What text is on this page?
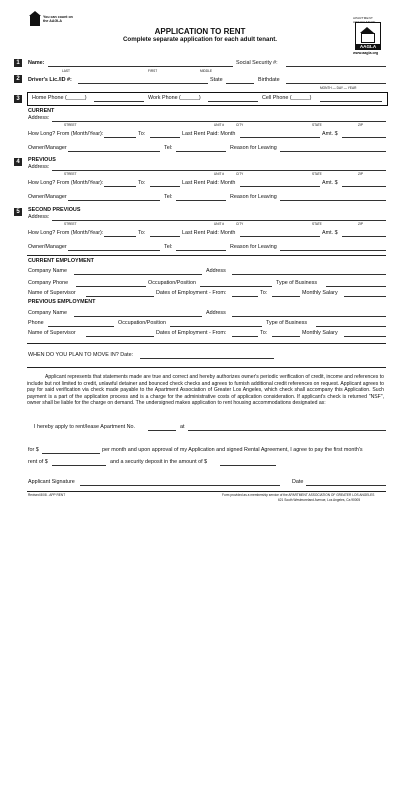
You can count on the AAGLA
APPLICATION TO RENT
Complete separate application for each adult tenant.
APARTMENT ASSOCIATION
AAGLA
www.aagla.org
1	Name:	Social Security #:
LAST	FIRST	MIDDLE
2	Driver's Lic./ID #:	State	Birthdate
MONTH — DAY — YEAR
3	Home Phone (______)	Work Phone (______)	Cell Phone (______)
CURRENT
Address:
STREET	UNIT #	CITY	STATE	ZIP
How Long? From (Month/Year):	To:	Last Rent Paid: Month	Amt. $
Owner/Manager	Tel:	Reason for Leaving
4	PREVIOUS
Address:
STREET	UNIT #	CITY	STATE	ZIP
How Long? From (Month/Year):	To:	Last Rent Paid: Month	Amt. $
Owner/Manager	Tel:	Reason for Leaving
5	SECOND PREVIOUS
Address:
STREET	UNIT #	CITY	STATE	ZIP
How Long? From (Month/Year):	To:	Last Rent Paid: Month	Amt. $
Owner/Manager	Tel:	Reason for Leaving
CURRENT EMPLOYMENT
Company Name	Address
Company Phone	Occupation/Position	Type of Business
Name of Supervisor	Dates of Employment - From:	To:	Monthly Salary
PREVIOUS EMPLOYMENT
Company Name	Address
Phone	Occupation/Position	Type of Business
Name of Supervisor	Dates of Employment - From:	To:	Monthly Salary
WHEN DO YOU PLAN TO MOVE IN? Date:
Applicant represents that statements made are true and correct and hereby authorizes owner's periodic verification of credit, income and references to include but not limited to credit, unlawful detainer and bounced check checks and agrees to furnish additional credit references on request. Applicant agrees to pay for said verification via check made payable to the Apartment Association of Greater Los Angeles, which check shall accompany this Application. Such payment is a part of the application process and is a charge for the administrative costs of application consideration. If applicant's check is returned "NSF", owner shall be liable for the charge on demand. The undersigned makes application to rent housing accommodations designated as:
I hereby apply to rent/lease Apartment No.	at
for $	per month and upon approval of my Application and signed Rental Agreement, I agree to pay the first month's
rent of $	and a security deposit in the amount of $
Applicant Signature	Date
Revised 8/08 - APP RENT	Form provided as a membership service of the APARTMENT ASSOCIATION OF GREATER LOS ANGELES
621 South Westmoreland Avenue, Los Angeles, Ca 90005
